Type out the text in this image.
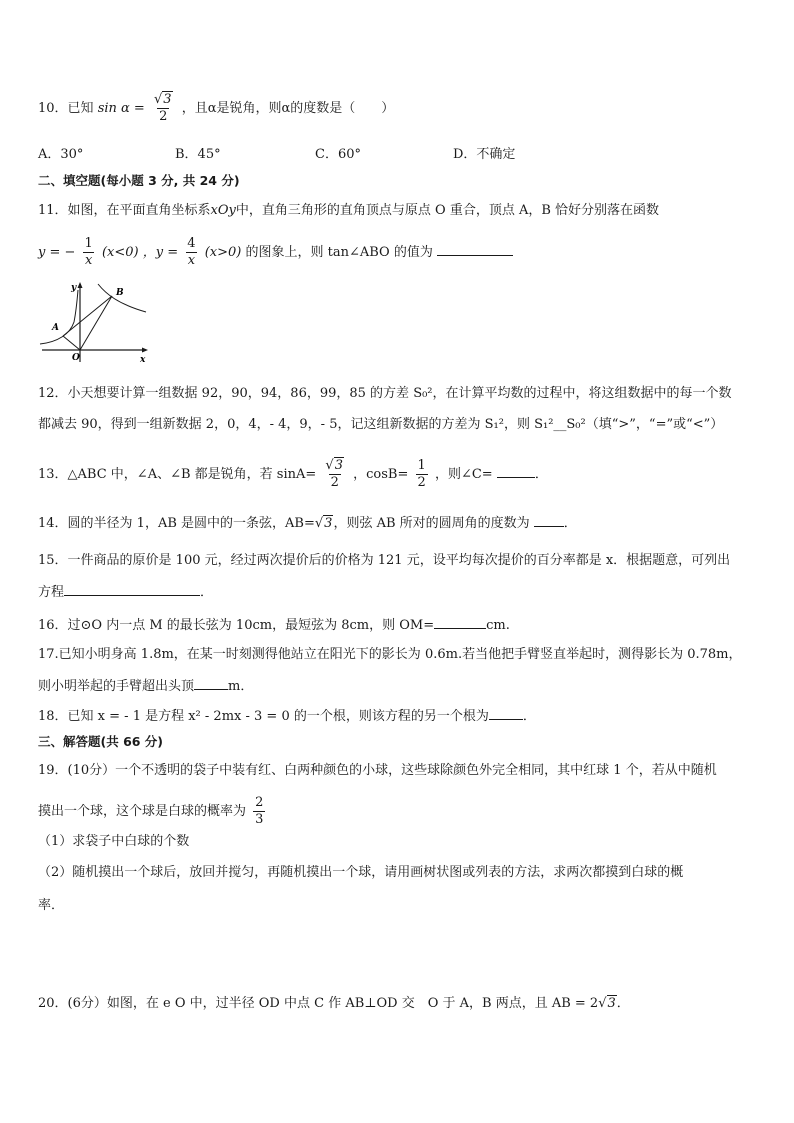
10．已知 $\sin \alpha = \frac{√3}{2}$ ，且α是锐角，则α的度数是（　　）
A．30°	B．45°	C．60°	D．不确定
二、填空题(每小题 3 分, 共 24 分)
11．如图，在平面直角坐标系xOy中，直角三角形的直角顶点与原点 O 重合，顶点 A，B 恰好分别落在函数
y = − $\frac{1}{x} (x<0)$ ，$y = \frac{4}{x} (x>0)$ 的图象上，则 tan∠ABO 的值为
y
x
O
A
B
12．小天想要计算一组数据 92，90，94，86，99，85 的方差 S₀²，在计算平均数的过程中，将这组数据中的每一个数
都减去 90，得到一组新数据 2，0，4，- 4，9，- 5，记这组新数据的方差为 S₁²，则 S₁²__S₀²（填“>”，“=”或“<”）
13．△ABC 中，∠A、∠B 都是锐角，若 $\sin A= \frac{√3}{2}$ ，$\cos B= \frac{1}{2}$ ，则∠C=	．
14．圆的半径为 1，AB 是圆中的一条弦，AB=√3，则弦 AB 所对的圆周角的度数为	．
15．一件商品的原价是 100 元，经过两次提价后的价格为 121 元，设平均每次提价的百分率都是 x．根据题意，可列出
方程	．
16．过⊙O 内一点 M 的最长弦为 10cm，最短弦为 8cm，则 OM=	cm.
17.已知小明身高 1.8m，在某一时刻测得他站立在阳光下的影长为 0.6m.若当他把手臂竖直举起时，测得影长为 0.78m，
则小明举起的手臂超出头顶	m．
18．已知 x = - 1 是方程 x² - 2mx - 3 = 0 的一个根，则该方程的另一个根为	．
三、解答题(共 66 分)
19．(10分）一个不透明的袋子中装有红、白两种颜色的小球，这些球除颜色外完全相同，其中红球 1 个，若从中随机
摸出一个球，这个球是白球的概率为 $\frac{2}{3}$
（1）求袋子中白球的个数
（2）随机摸出一个球后，放回并搅匀，再随机摸出一个球，请用画树状图或列表的方法，求两次都摸到白球的概
率．
20．(6分）如图，在 e O 中，过半径 OD 中点 C 作 AB⊥OD 交　O 于 A，B 两点，且 AB = 2√3．
